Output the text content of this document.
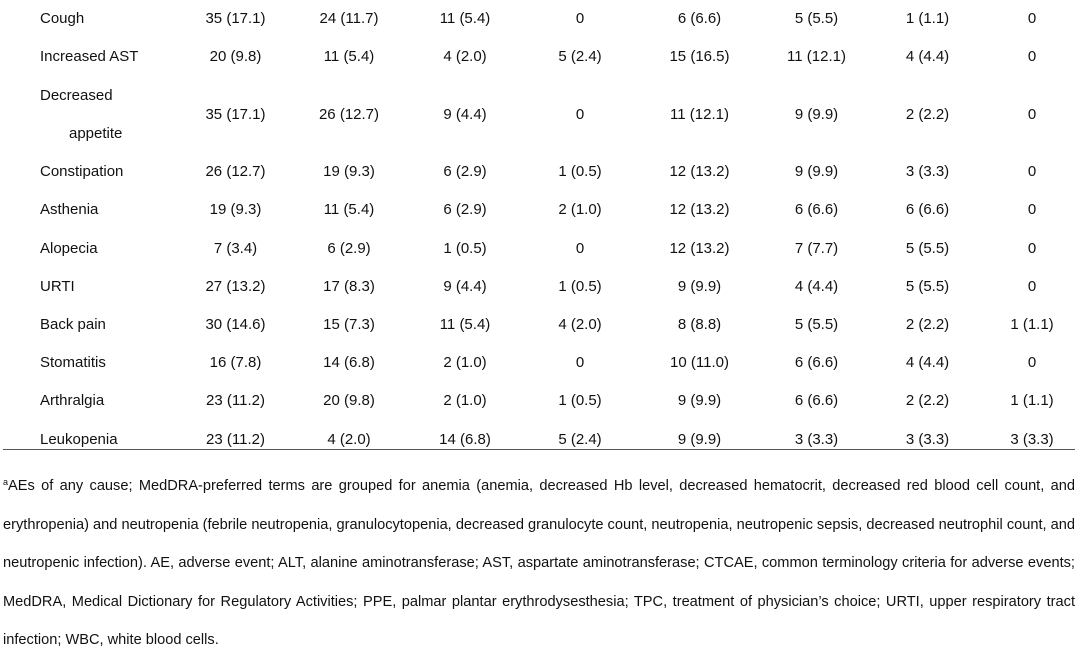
Cough	35 (17.1)	24 (11.7)	11 (5.4)	0	6 (6.6)	5 (5.5)	1 (1.1)	0
Increased AST	20 (9.8)	11 (5.4)	4 (2.0)	5 (2.4)	15 (16.5)	11 (12.1)	4 (4.4)	0

Decreased
appetite	35 (17.1)	26 (12.7)	9 (4.4)	0	11 (12.1)	9 (9.9)	2 (2.2)	0
Constipation	26 (12.7)	19 (9.3)	6 (2.9)	1 (0.5)	12 (13.2)	9 (9.9)	3 (3.3)	0
Asthenia	19 (9.3)	11 (5.4)	6 (2.9)	2 (1.0)	12 (13.2)	6 (6.6)	6 (6.6)	0
Alopecia	7 (3.4)	6 (2.9)	1 (0.5)	0	12 (13.2)	7 (7.7)	5 (5.5)	0
URTI	27 (13.2)	17 (8.3)	9 (4.4)	1 (0.5)	9 (9.9)	4 (4.4)	5 (5.5)	0
Back pain	30 (14.6)	15 (7.3)	11 (5.4)	4 (2.0)	8 (8.8)	5 (5.5)	2 (2.2)	1 (1.1)
Stomatitis	16 (7.8)	14 (6.8)	2 (1.0)	0	10 (11.0)	6 (6.6)	4 (4.4)	0
Arthralgia	23 (11.2)	20 (9.8)	2 (1.0)	1 (0.5)	9 (9.9)	6 (6.6)	2 (2.2)	1 (1.1)
Leukopenia	23 (11.2)	4 (2.0)	14 (6.8)	5 (2.4)	9 (9.9)	3 (3.3)	3 (3.3)	3 (3.3)

$^a$AEs of any cause; MedDRA-preferred terms are grouped for anemia (anemia, decreased Hb level, decreased hematocrit, decreased red blood cell count, and erythropenia) and neutropenia (febrile neutropenia, granulocytopenia, decreased granulocyte count, neutropenia, neutropenic sepsis, decreased neutrophil count, and neutropenic infection). AE, adverse event; ALT, alanine aminotransferase; AST, aspartate aminotransferase; CTCAE, common terminology criteria for adverse events; MedDRA, Medical Dictionary for Regulatory Activities; PPE, palmar plantar erythrodysesthesia; TPC, treatment of physician’s choice; URTI, upper respiratory tract infection; WBC, white blood cells.
